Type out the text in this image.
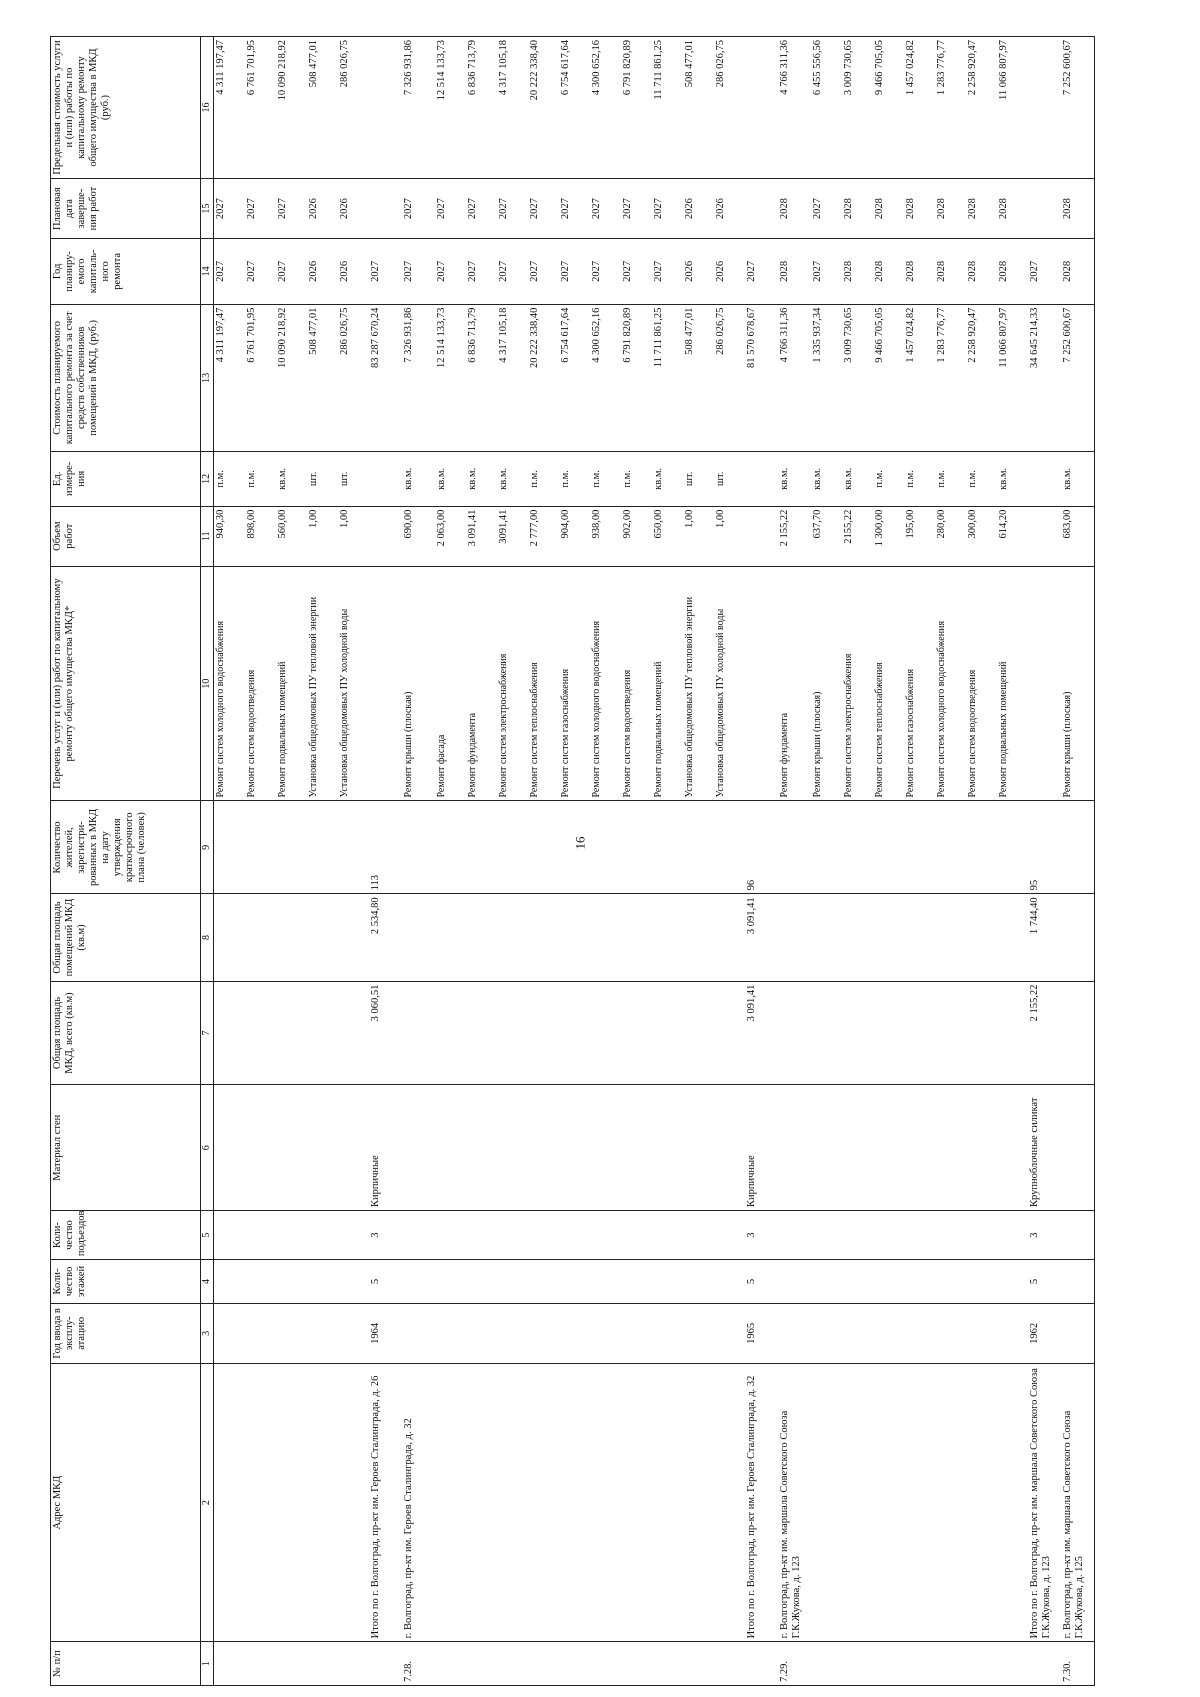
16
№ п/п	Адрес МКД	Год ввода в эксплу-атацию	Коли-чество этажей	Коли-чество подъездов	Материал стен	Общая площадь МКД, всего (кв.м)	Общая площадь помещений МКД (кв.м)	Количество жителей, зарегистри-рованных в МКД на дату утверждения краткосрочного плана (человек)	Перечень услуг и (или) работ по капитальному ремонту общего имущества МКД*	Объем работ	Ед. измере-ния	Стоимость планируемого капитального ремонта за счет средств собственников помещений в МКД, (руб.)	Год планиру-емого капиталь-ного ремонта	Плановая дата заверше-ния работ	Предельная стоимость услуги и (или) работы по капитальному ремонту общего имущества в МКД (руб.)
1	2	3	4	5	6	7	8	9	10	11	12	13	14	15	16
									Ремонт систем холодного водоснабжения	940,30	п.м.	4 311 197,47	2027	2027	4 311 197,47
									Ремонт систем водоотведения	898,00	п.м.	6 761 701,95	2027	2027	6 761 701,95
									Ремонт подвальных помещений	560,00	кв.м.	10 090 218,92	2027	2027	10 090 218,92
									Установка общедомовых ПУ тепловой энергии	1,00	шт.	508 477,01	2026	2026	508 477,01
									Установка общедомовых ПУ холодной воды	1,00	шт.	286 026,75	2026	2026	286 026,75
	Итого по г. Волгоград, пр-кт им. Героев Сталинграда, д. 26	1964	5	3	Кирпичные	3 060,51	2 534,80	113				83 287 670,24	2027		
7.28.	г. Волгоград, пр-кт им. Героев Сталинграда, д. 32								Ремонт крыши (плоская)	690,00	кв.м.	7 326 931,86	2027	2027	7 326 931,86
									Ремонт фасада	2 063,00	кв.м.	12 514 133,73	2027	2027	12 514 133,73
									Ремонт фундамента	3 091,41	кв.м.	6 836 713,79	2027	2027	6 836 713,79
									Ремонт систем электроснабжения	3091,41	кв.м.	4 317 105,18	2027	2027	4 317 105,18
									Ремонт систем теплоснабжения	2 777,00	п.м.	20 222 338,40	2027	2027	20 222 338,40
									Ремонт систем газоснабжения	904,00	п.м.	6 754 617,64	2027	2027	6 754 617,64
									Ремонт систем холодного водоснабжения	938,00	п.м.	4 300 652,16	2027	2027	4 300 652,16
									Ремонт систем водоотведения	902,00	п.м.	6 791 820,89	2027	2027	6 791 820,89
									Ремонт подвальных помещений	650,00	кв.м.	11 711 861,25	2027	2027	11 711 861,25
									Установка общедомовых ПУ тепловой энергии	1,00	шт.	508 477,01	2026	2026	508 477,01
									Установка общедомовых ПУ холодной воды	1,00	шт.	286 026,75	2026	2026	286 026,75
	Итого по г. Волгоград, пр-кт им. Героев Сталинграда, д. 32	1965	5	3	Кирпичные	3 091,41	3 091,41	96				81 570 678,67	2027		
7.29.	г. Волгоград, пр-кт им. маршала Советского Союза Г.К.Жукова, д. 123								Ремонт фундамента	2 155,22	кв.м.	4 766 311,36	2028	2028	4 766 311,36
									Ремонт крыши (плоская)	637,70	кв.м.	1 335 937,34	2027	2027	6 455 556,56
									Ремонт систем электроснабжения	2155,22	кв.м.	3 009 730,65	2028	2028	3 009 730,65
									Ремонт систем теплоснабжения	1 300,00	п.м.	9 466 705,05	2028	2028	9 466 705,05
									Ремонт систем газоснабжения	195,00	п.м.	1 457 024,82	2028	2028	1 457 024,82
									Ремонт систем холодного водоснабжения	280,00	п.м.	1 283 776,77	2028	2028	1 283 776,77
									Ремонт систем водоотведения	300,00	п.м.	2 258 920,47	2028	2028	2 258 920,47
									Ремонт подвальных помещений	614,20	кв.м.	11 066 807,97	2028	2028	11 066 807,97
	Итого по г. Волгоград, пр-кт им. маршала Советского Союза Г.К.Жукова, д. 123	1962	5	3	Крупноблочные силикат	2 155,22	1 744,40	95				34 645 214,33	2027		
7.30.	г. Волгоград, пр-кт им. маршала Советского Союза Г.К.Жукова, д. 125								Ремонт крыши (плоская)	683,00	кв.м.	7 252 600,67	2028	2028	7 252 600,67
